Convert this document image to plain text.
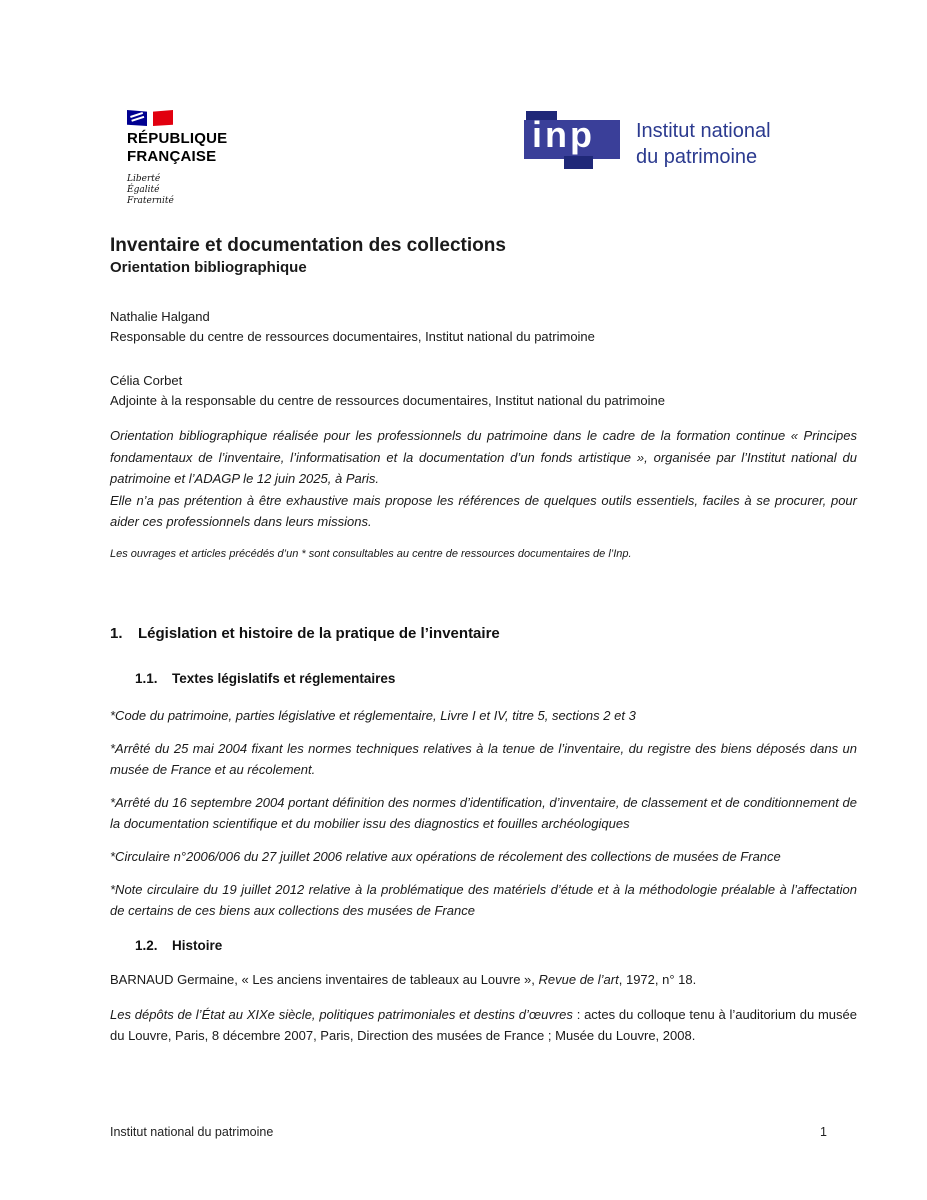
RÉPUBLIQUE
FRANÇAISE
Liberté
Égalité
Fraternité
inp Institut national
du patrimoine
Inventaire et documentation des collections
Orientation bibliographique
Nathalie Halgand
Responsable du centre de ressources documentaires, Institut national du patrimoine
Célia Corbet
Adjointe à la responsable du centre de ressources documentaires, Institut national du patrimoine
Orientation bibliographique réalisée pour les professionnels du patrimoine dans le cadre de la formation continue « Principes fondamentaux de l’inventaire, l’informatisation et la documentation d’un fonds artistique », organisée par l’Institut national du patrimoine et l’ADAGP le 12 juin 2025, à Paris.
Elle n’a pas prétention à être exhaustive mais propose les références de quelques outils essentiels, faciles à se procurer, pour aider ces professionnels dans leurs missions.
Les ouvrages et articles précédés d’un * sont consultables au centre de ressources documentaires de l’Inp.
1.	Législation et histoire de la pratique de l’inventaire
1.1.	Textes législatifs et réglementaires

*Code du patrimoine, parties législative et réglementaire, Livre I et IV, titre 5, sections 2 et 3

*Arrêté du 25 mai 2004 fixant les normes techniques relatives à la tenue de l’inventaire, du registre des biens déposés dans un musée de France et au récolement.

*Arrêté du 16 septembre 2004 portant définition des normes d’identification, d’inventaire, de classement et de conditionnement de la documentation scientifique et du mobilier issu des diagnostics et fouilles archéologiques

*Circulaire n°2006/006 du 27 juillet 2006 relative aux opérations de récolement des collections de musées de France

*Note circulaire du 19 juillet 2012 relative à la problématique des matériels d’étude et à la méthodologie préalable à l’affectation de certains de ces biens aux collections des musées de France

1.2.	Histoire

BARNAUD Germaine, « Les anciens inventaires de tableaux au Louvre », Revue de l’art, 1972, n° 18.

Les dépôts de l’État au XIXe siècle, politiques patrimoniales et destins d’œuvres : actes du colloque tenu à l’auditorium du musée du Louvre, Paris, 8 décembre 2007, Paris, Direction des musées de France ; Musée du Louvre, 2008.

Institut national du patrimoine	1
